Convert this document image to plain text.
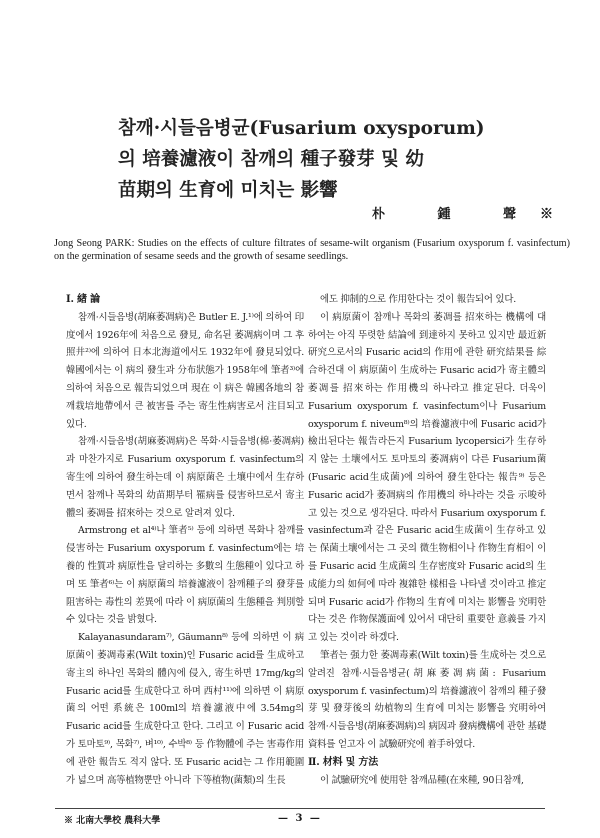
참깨·시들음병균(Fusarium oxysporum)
의 培養濾液이 참깨의 種子發芽 및 幼
苗期의 生育에 미치는 影響
朴 鍾 聲※
Jong Seong PARK: Studies on the effects of culture filtrates of sesame-wilt organism (Fusarium oxysporum f. vasinfectum) on the germination of sesame seeds and the growth of sesame seedlings.

Ⅰ. 緖 論

참깨·시들음병(胡麻萎凋病)은 Butler E. J.¹⁾에 의하여 印度에서 1926年에 처음으로 發見, 命名된 萎凋病이며 그 후 照井²⁾에 의하여 日本北海道에서도 1932年에 發見되었다. 韓國에서는 이 病의 發生과 分布狀態가 1958年에 筆者³⁾에 의하여 처음으로 報告되었으며 現在 이 病은 韓國各地의 참깨栽培地帶에서 큰 被害를 주는 寄生性病害로서 注目되고 있다.

참깨·시들음병(胡麻萎凋病)은 목화·시들음병(棉·萎凋病)과 마찬가지로 Fusarium oxysporum f. vasinfectum의 寄生에 의하여 發生하는데 이 病原菌은 土壤中에서 生存하면서 참깨나 목화의 幼苗期부터 罹病를 侵害하므로서 寄主體의 萎凋를 招來하는 것으로 알려져 있다.

Armstrong et al⁴⁾나 筆者⁵⁾ 등에 의하면 목화나 참깨를 侵害하는 Fusarium oxysporum f. vasinfectum에는 培養的 性質과 病原性을 달리하는 多數의 生態種이 있다고 하며 또 筆者⁶⁾는 이 病原菌의 培養濾液이 참깨種子의 發芽를 阻害하는 毒性의 差異에 따라 이 病原菌의 生態種을 判別할 수 있다는 것을 밝혔다.

Kalayanasundaram⁷⁾, Gäumann⁸⁾ 등에 의하면 이 病原菌이 萎凋毒素(Wilt toxin)인 Fusaric acid를 生成하고 寄主의 하나인 목화의 體內에 侵入, 寄生하면 17mg/kg의 Fusaric acid를 生成한다고 하며 西村¹¹⁾에 의하면 이 病原菌의 어떤 系統은 100ml의 培養濾液中에 3.54mg의 Fusaric acid를 生成한다고 한다. 그리고 이 Fusaric acid가 토마토⁹⁾, 목화⁷⁾, 벼¹⁰⁾, 수박⁸⁾ 등 作物體에 주는 害毒作用에 관한 報告도 적지 않다. 또 Fusaric acid는 그 作用範圍가 넓으며 高等植物뿐만 아니라 下等植物(菌類)의 生長

에도 抑制的으로 作用한다는 것이 報告되어 있다.

이 病原菌이 참깨나 목화의 萎凋를 招來하는 機構에 대하여는 아직 뚜렷한 結論에 到達하지 못하고 있지만 最近新研究으로서의 Fusaric acid의 作用에 관한 研究結果를 綜合하건대 이 病原菌이 生成하는 Fusaric acid가 寄主體의 萎凋를 招來하는 作用機의 하나라고 推定된다. 더욱이 Fusarium oxysporum f. vasinfectum이나 Fusarium oxysporum f. niveum⁸⁾의 培養濾液中에 Fusaric acid가 檢出된다는 報告라든지 Fusarium lycopersici가 生存하지 않는 土壤에서도 토마토의 萎凋病이 다른 Fusarium菌(Fusaric acid生成菌)에 의하여 發生한다는 報告⁹⁾ 등은 Fusaric acid가 萎凋病의 作用機의 하나라는 것을 示唆하고 있는 것으로 생각된다. 따라서 Fusarium oxysporum f. vasinfectum과 같은 Fusaric acid生成菌이 生存하고 있는 保菌土壤에서는 그 곳의 微生物相이나 作物生育相이 이를 Fusaric acid 生成菌의 生存密度와 Fusaric acid의 生成能力의 如何에 따라 複雜한 樣相을 나타낼 것이라고 推定되며 Fusaric acid가 作物의 生育에 미치는 影響을 究明한다는 것은 作物保護面에 있어서 대단히 重要한 意義를 가지고 있는 것이라 하겠다.

筆者는 强力한 萎凋毒素(Wilt toxin)를 生成하는 것으로 알려진 참깨·시들음병균(胡麻萎凋病菌: Fusarium oxysporum f. vasinfectum)의 培養濾液이 참깨의 種子發芽 및 發芽後의 幼植物의 生育에 미치는 影響을 究明하여 참깨·시들음병(胡麻萎凋病)의 病因과 發病機構에 관한 基礎資料를 얻고자 이 試驗研究에 着手하였다.

Ⅱ. 材料 및 方法

이 試驗研究에 使用한 참깨品種(在來種, 90日참깨,

※ 北南大學校 農科大學	— 3 —
